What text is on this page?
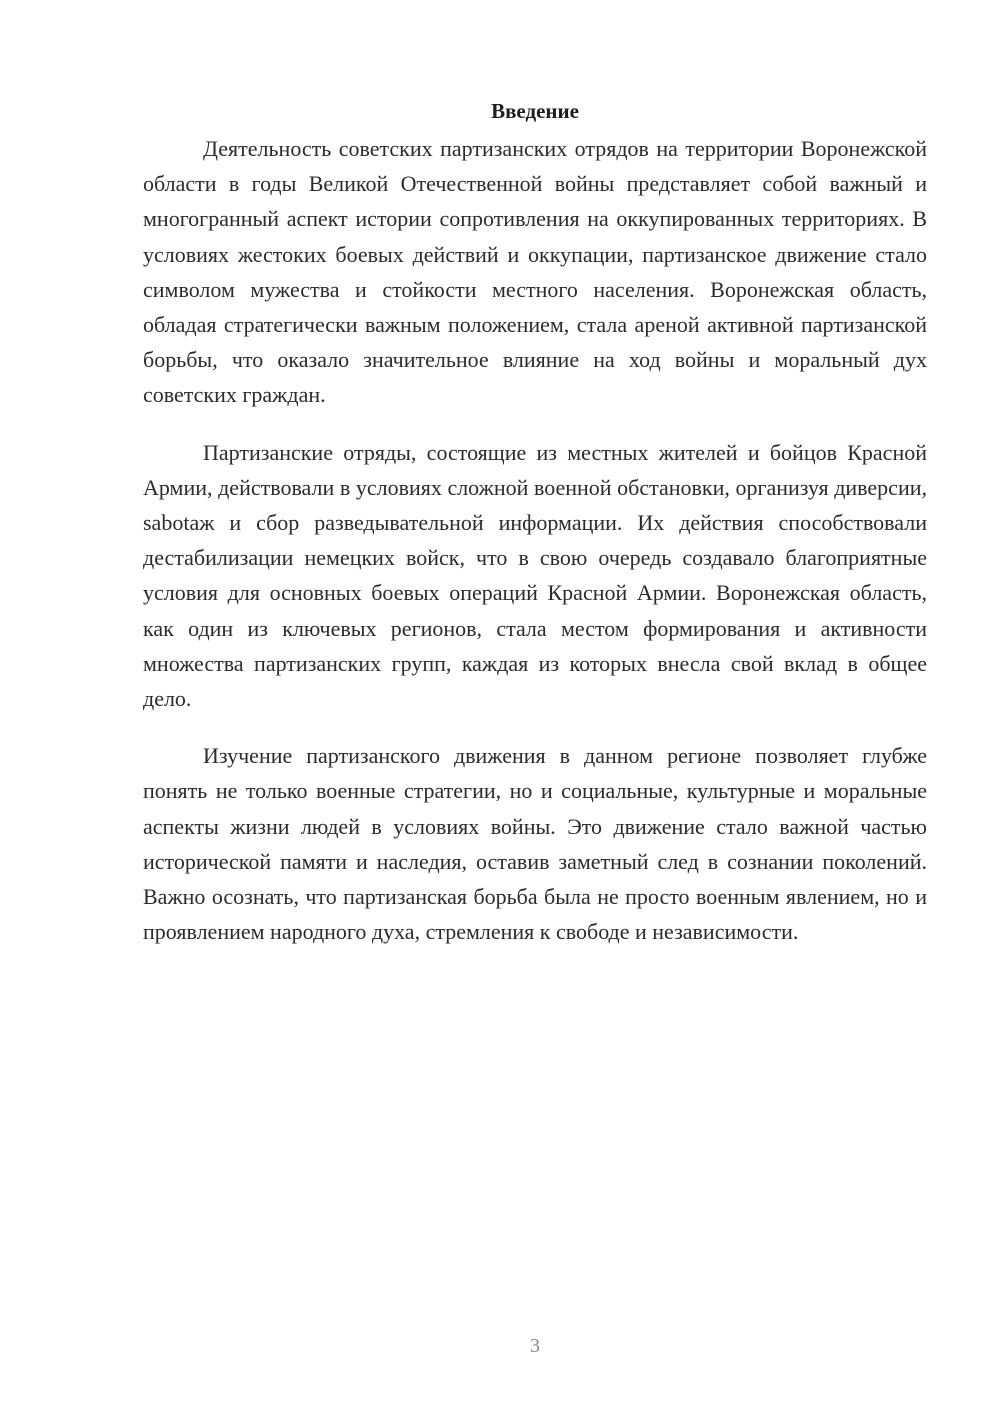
Введение

Деятельность советских партизанских отрядов на территории Воронежской области в годы Великой Отечественной войны представляет собой важный и многогранный аспект истории сопротивления на оккупированных территориях. В условиях жестоких боевых действий и оккупации, партизанское движение стало символом мужества и стойкости местного населения. Воронежская область, обладая стратегически важным положением, стала ареной активной партизанской борьбы, что оказало значительное влияние на ход войны и моральный дух советских граждан.

Партизанские отряды, состоящие из местных жителей и бойцов Красной Армии, действовали в условиях сложной военной обстановки, организуя диверсии, sabotаж и сбор разведывательной информации. Их действия способствовали дестабилизации немецких войск, что в свою очередь создавало благоприятные условия для основных боевых операций Красной Армии. Воронежская область, как один из ключевых регионов, стала местом формирования и активности множества партизанских групп, каждая из которых внесла свой вклад в общее дело.

Изучение партизанского движения в данном регионе позволяет глубже понять не только военные стратегии, но и социальные, культурные и моральные аспекты жизни людей в условиях войны. Это движение стало важной частью исторической памяти и наследия, оставив заметный след в сознании поколений. Важно осознать, что партизанская борьба была не просто военным явлением, но и проявлением народного духа, стремления к свободе и независимости.

3
